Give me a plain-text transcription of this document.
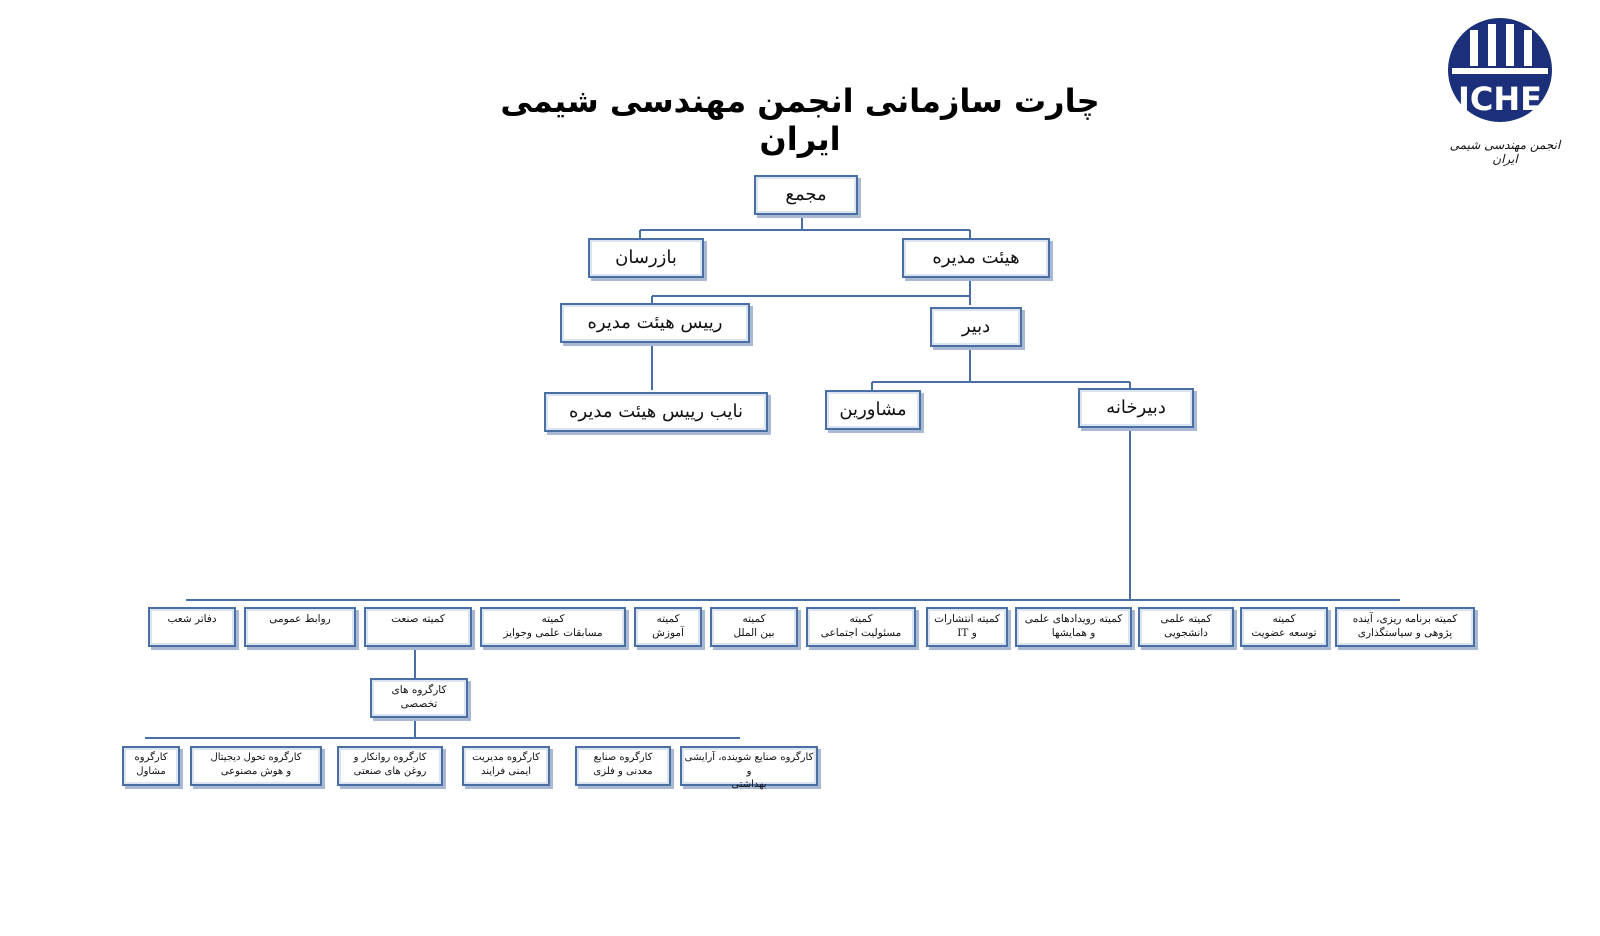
چارت سازمانی انجمن مهندسی شیمی ایران
ICHE
انجمن مهندسی شیمی ایران
مجمع
بازرسان	هیئت مدیره
رییس هیئت مدیره	دبیر
نایب رییس هیئت مدیره	مشاورین	دبیرخانه
کمیته برنامه ریزی، آینده
پژوهی و سیاستگذاری
کمیته
توسعه عضویت
کمیته علمی
دانشجویی
کمیته رویدادهای علمی
و همایشها
کمیته انتشارات
و IT
کمیته
مسئولیت اجتماعی
کمیته
بین الملل
کمیته
آموزش
کمیته
مسابقات علمی وجوایز
کمیته صنعت
روابط عمومی
دفاتر شعب
کارگروه های
تخصصی
کارگروه صنایع شوینده، آرایشی و
بهداشتی
کارگروه صنایع
معدنی و فلزی
کارگروه مدیریت
ایمنی فرایند
کارگروه روانکار و
روغن های صنعتی
کارگروه تحول دیجیتال
و هوش مصنوعی
کارگروه
مشاول
